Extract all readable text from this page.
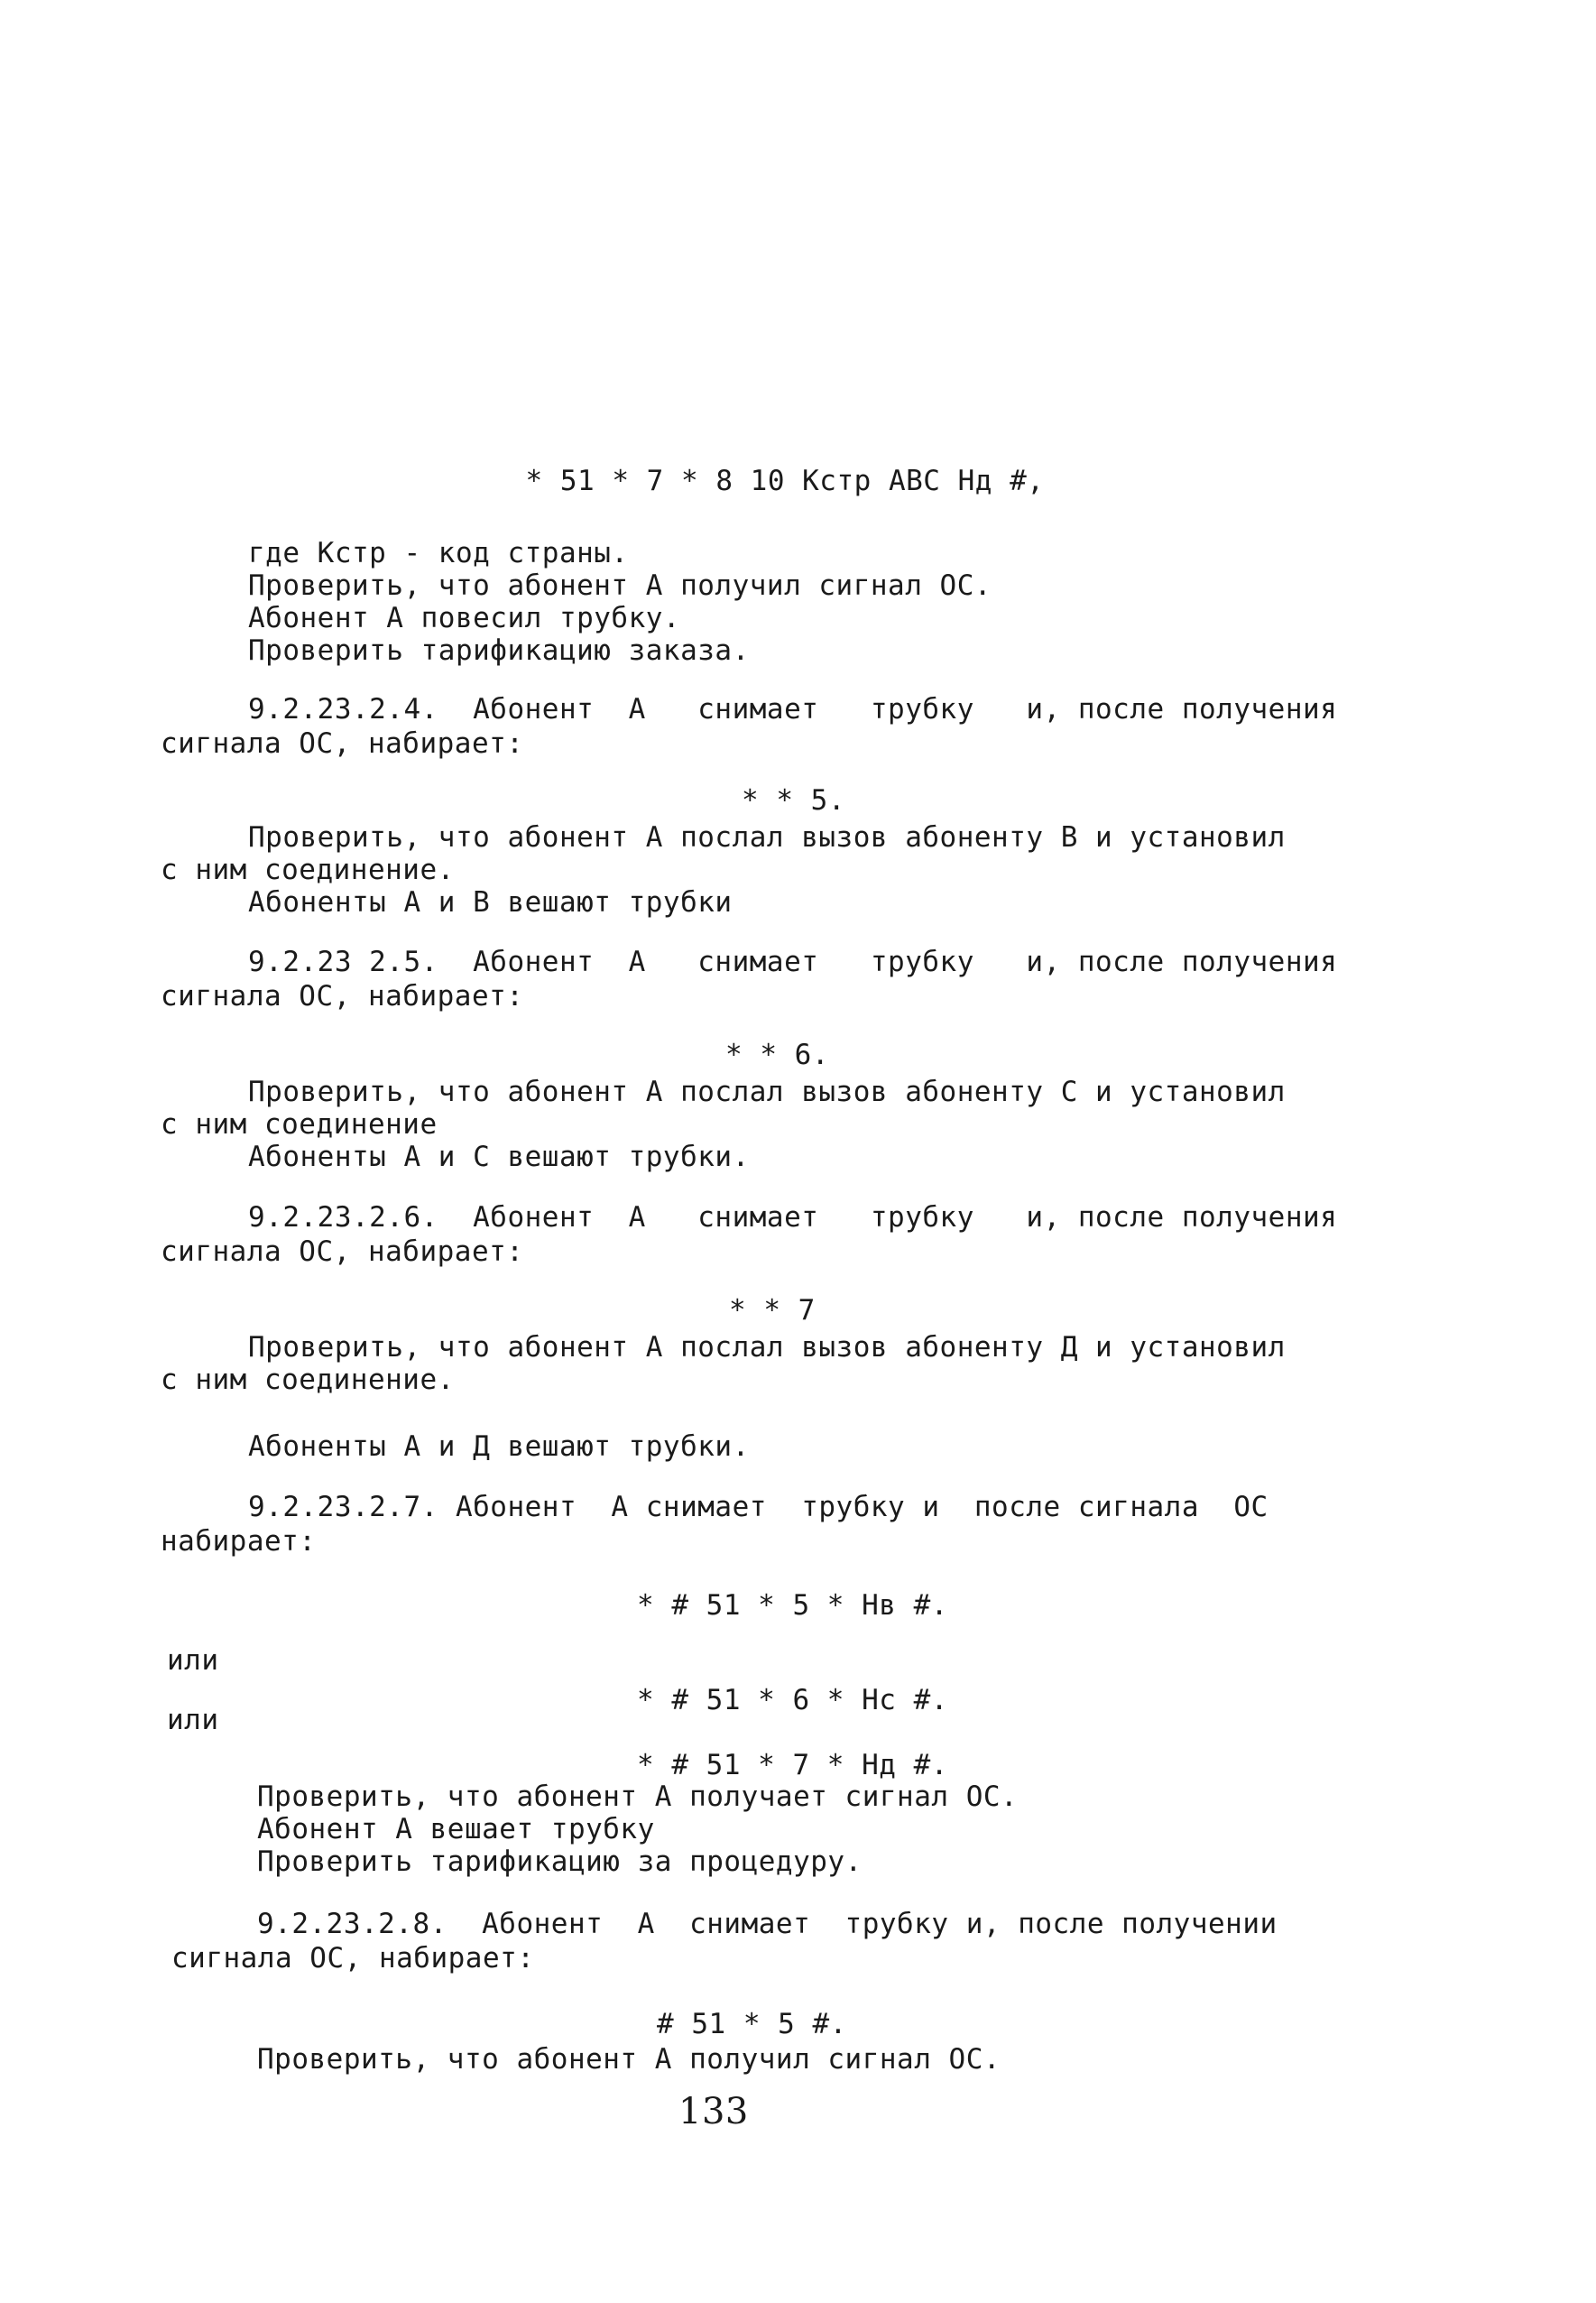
* 51 * 7 * 8 10 Кстр АВС Нд #,
где Кстр - код страны.
Проверить, что абонент А получил сигнал ОС.
Абонент А повесил трубку.
Проверить тарификацию заказа.
9.2.23.2.4.  Абонент  А   снимает   трубку   и, после получения
сигнала ОС, набирает:
* * 5.
Проверить, что абонент А послал вызов абоненту В и установил
с ним соединение.
Абоненты А и В вешают трубки
9.2.23 2.5.  Абонент  А   снимает   трубку   и, после получения
сигнала ОС, набирает:
* * 6.
Проверить, что абонент А послал вызов абоненту С и установил
с ним соединение
Абоненты А и С вешают трубки.
9.2.23.2.6.  Абонент  А   снимает   трубку   и, после получения
сигнала ОС, набирает:
* * 7
Проверить, что абонент А послал вызов абоненту Д и установил
с ним соединение.
Абоненты А и Д вешают трубки.
9.2.23.2.7. Абонент  А снимает  трубку и  после сигнала  ОС
набирает:
* # 51 * 5 * Нв #.
или
* # 51 * 6 * Нс #.
или
* # 51 * 7 * Нд #.
Проверить, что абонент А получает сигнал ОС.
Абонент А вешает трубку
Проверить тарификацию за процедуру.
9.2.23.2.8.  Абонент  А  снимает  трубку и, после получении
сигнала ОС, набирает:
# 51 * 5 #.
Проверить, что абонент А получил сигнал ОС.
133
